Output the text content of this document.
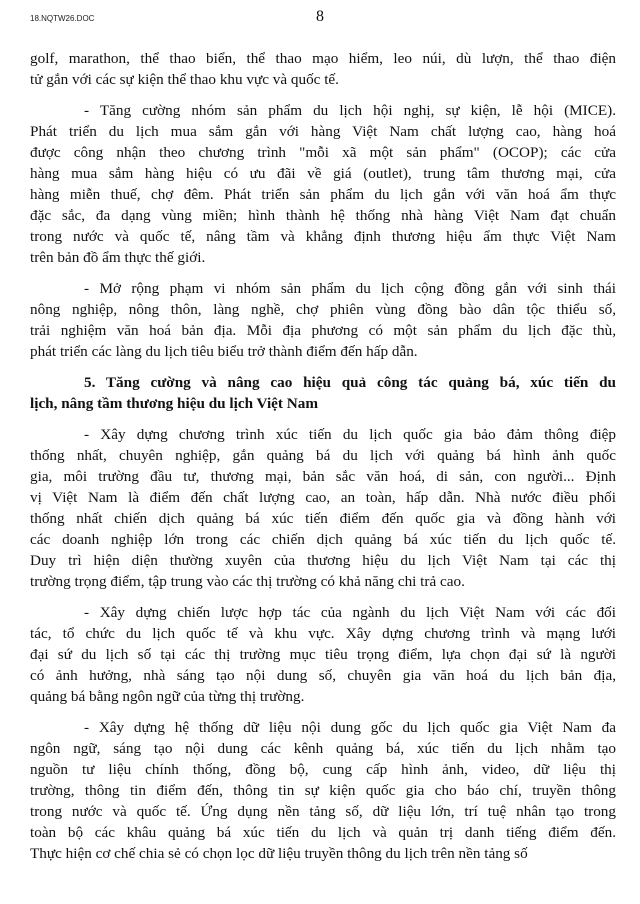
18.NQTW26.DOC	8
golf, marathon, thể thao biển, thể thao mạo hiểm, leo núi, dù lượn, thể thao điện
tử gắn với các sự kiện thể thao khu vực và quốc tế.
- Tăng cường nhóm sản phẩm du lịch hội nghị, sự kiện, lễ hội (MICE).
Phát triển du lịch mua sắm gắn với hàng Việt Nam chất lượng cao, hàng hoá
được công nhận theo chương trình "mỗi xã một sản phẩm" (OCOP); các cửa
hàng mua sắm hàng hiệu có ưu đãi về giá (outlet), trung tâm thương mại, cửa
hàng miễn thuế, chợ đêm. Phát triển sản phẩm du lịch gắn với văn hoá ẩm thực
đặc sắc, đa dạng vùng miền; hình thành hệ thống nhà hàng Việt Nam đạt chuẩn
trong nước và quốc tế, nâng tầm và khẳng định thương hiệu ẩm thực Việt Nam
trên bản đồ ẩm thực thế giới.
- Mở rộng phạm vi nhóm sản phẩm du lịch cộng đồng gắn với sinh thái
nông nghiệp, nông thôn, làng nghề, chợ phiên vùng đồng bào dân tộc thiểu số,
trải nghiệm văn hoá bản địa. Mỗi địa phương có một sản phẩm du lịch đặc thù,
phát triển các làng du lịch tiêu biểu trở thành điểm đến hấp dẫn.
5. Tăng cường và nâng cao hiệu quả công tác quảng bá, xúc tiến du
lịch, nâng tầm thương hiệu du lịch Việt Nam
- Xây dựng chương trình xúc tiến du lịch quốc gia bảo đảm thông điệp
thống nhất, chuyên nghiệp, gắn quảng bá du lịch với quảng bá hình ảnh quốc
gia, môi trường đầu tư, thương mại, bản sắc văn hoá, di sản, con người... Định
vị Việt Nam là điểm đến chất lượng cao, an toàn, hấp dẫn. Nhà nước điều phối
thống nhất chiến dịch quảng bá xúc tiến điểm đến quốc gia và đồng hành với
các doanh nghiệp lớn trong các chiến dịch quảng bá xúc tiến du lịch quốc tế.
Duy trì hiện diện thường xuyên của thương hiệu du lịch Việt Nam tại các thị
trường trọng điểm, tập trung vào các thị trường có khả năng chi trả cao.
- Xây dựng chiến lược hợp tác của ngành du lịch Việt Nam với các đối
tác, tổ chức du lịch quốc tế và khu vực. Xây dựng chương trình và mạng lưới
đại sứ du lịch số tại các thị trường mục tiêu trọng điểm, lựa chọn đại sứ là người
có ảnh hưởng, nhà sáng tạo nội dung số, chuyên gia văn hoá du lịch bản địa,
quảng bá bằng ngôn ngữ của từng thị trường.
- Xây dựng hệ thống dữ liệu nội dung gốc du lịch quốc gia Việt Nam đa
ngôn ngữ, sáng tạo nội dung các kênh quảng bá, xúc tiến du lịch nhằm tạo
nguồn tư liệu chính thống, đồng bộ, cung cấp hình ảnh, video, dữ liệu thị
trường, thông tin điểm đến, thông tin sự kiện quốc gia cho báo chí, truyền thông
trong nước và quốc tế. Ứng dụng nền tảng số, dữ liệu lớn, trí tuệ nhân tạo trong
toàn bộ các khâu quảng bá xúc tiến du lịch và quản trị danh tiếng điểm đến.
Thực hiện cơ chế chia sẻ có chọn lọc dữ liệu truyền thông du lịch trên nền tảng số
